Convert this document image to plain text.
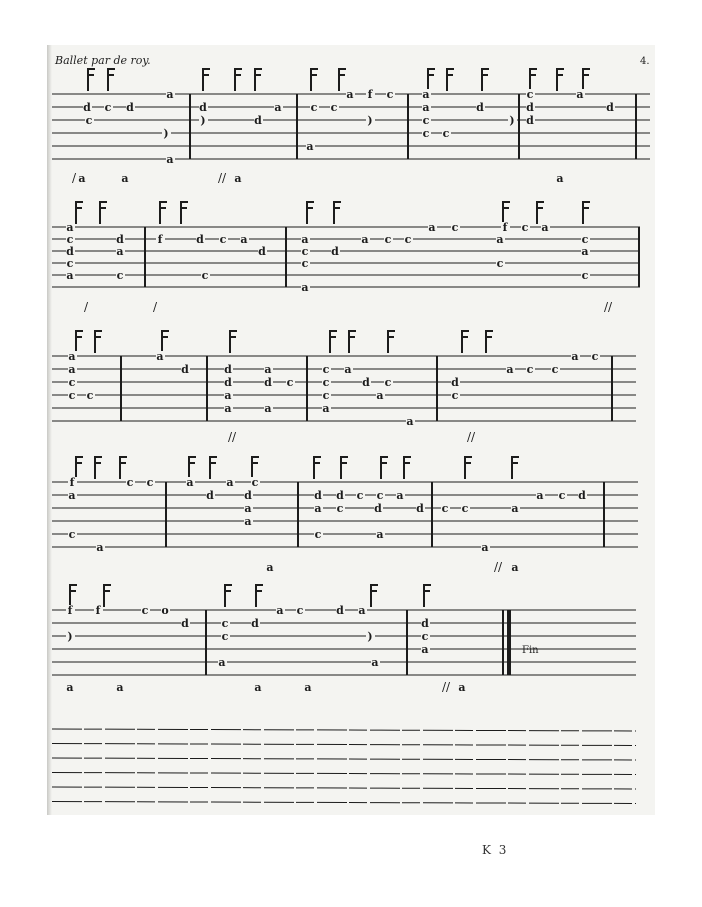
Ballet par de roy.	4.
K 3
/	//
a
d c d
c
)
)
d
d
a	c c
a f c
)
a
a
a
c
c c
d
)
c
d
d
a
d
a
a	a	a	a
/	/	//
a
c
d
c
a
d
a
c
f	d c a
d
a
c
c
d
a c c
a c	f c a
a
c
c
a
c
c
a
//	//
a
a
c
c c
a
d	d
d
a
a
a
d c
a
c a
c	d c
c
a
a
d
c
a c c
a c
a
//
f
a
c c	a	a c
d	d
a
a
c
a
d d c c a
a c	d	d c
c	a
c	a
a c d
a
a
a
//
f f	c o
d
)
c
c
d
a c	d a
)
d
c
a
a	a
a	a	a	a	a
Fin
